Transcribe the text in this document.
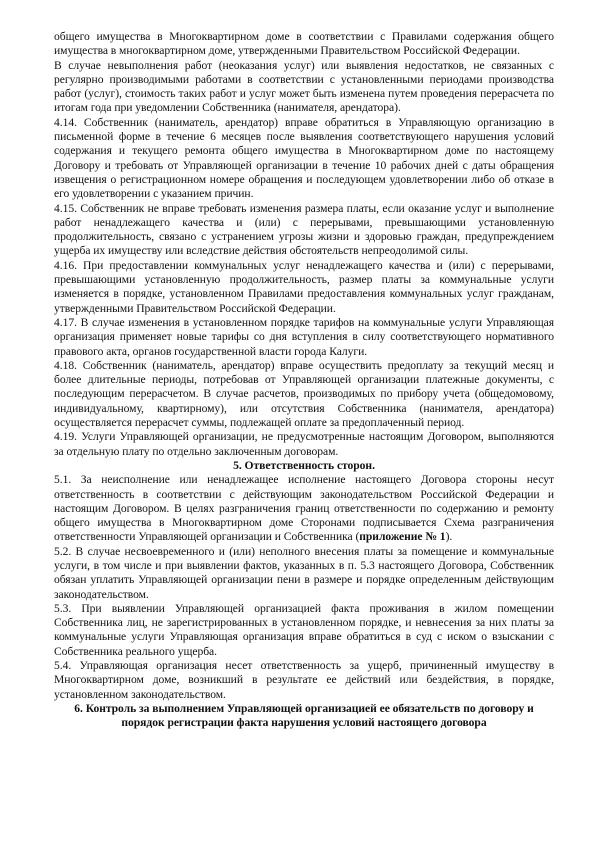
общего имущества в Многоквартирном доме в соответствии с Правилами содержания общего имущества в многоквартирном доме, утвержденными Правительством Российской Федерации.

В случае невыполнения работ (неоказания услуг) или выявления недостатков, не связанных с регулярно производимыми работами в соответствии с установленными периодами производства работ (услуг), стоимость таких работ и услуг может быть изменена путем проведения перерасчета по итогам года при уведомлении Собственника (нанимателя, арендатора).

4.14. Собственник (наниматель, арендатор) вправе обратиться в Управляющую организацию в письменной форме в течение 6 месяцев после выявления соответствующего нарушения условий содержания и текущего ремонта общего имущества в Многоквартирном доме по настоящему Договору и требовать от Управляющей организации в течение 10 рабочих дней с даты обращения извещения о регистрационном номере обращения и последующем удовлетворении либо об отказе в его удовлетворении с указанием причин.

4.15. Собственник не вправе требовать изменения размера платы, если оказание услуг и выполнение работ ненадлежащего качества и (или) с перерывами, превышающими установленную продолжительность, связано с устранением угрозы жизни и здоровью граждан, предупреждением ущерба их имуществу или вследствие действия обстоятельств непреодолимой силы.

4.16. При предоставлении коммунальных услуг ненадлежащего качества и (или) с перерывами, превышающими установленную продолжительность, размер платы за коммунальные услуги изменяется в порядке, установленном Правилами предоставления коммунальных услуг гражданам, утвержденными Правительством Российской Федерации.

4.17. В случае изменения в установленном порядке тарифов на коммунальные услуги Управляющая организация применяет новые тарифы со дня вступления в силу соответствующего нормативного правового акта, органов государственной власти города Калуги.

4.18. Собственник (наниматель, арендатор) вправе осуществить предоплату за текущий месяц и более длительные периоды, потребовав от Управляющей организации платежные документы, с последующим перерасчетом. В случае расчетов, производимых по прибору учета (общедомовому, индивидуальному, квартирному), или отсутствия Собственника (нанимателя, арендатора) осуществляется перерасчет суммы, подлежащей оплате за предоплаченный период.

4.19. Услуги Управляющей организации, не предусмотренные настоящим Договором, выполняются за отдельную плату по отдельно заключенным договорам.

5. Ответственность сторон.

5.1. За неисполнение или ненадлежащее исполнение настоящего Договора стороны несут ответственность в соответствии с действующим законодательством Российской Федерации и настоящим Договором. В целях разграничения границ ответственности по содержанию и ремонту общего имущества в Многоквартирном доме Сторонами подписывается Схема разграничения ответственности Управляющей организации и Собственника (приложение № 1).

5.2. В случае несвоевременного и (или) неполного внесения платы за помещение и коммунальные услуги, в том числе и при выявлении фактов, указанных в п. 5.3 настоящего Договора, Собственник обязан уплатить Управляющей организации пени в размере и порядке определенным действующим законодательством.

5.3. При выявлении Управляющей организацией факта проживания в жилом помещении Собственника лиц, не зарегистрированных в установленном порядке, и невнесения за них платы за коммунальные услуги Управляющая организация вправе обратиться в суд с иском о взыскании с Собственника реального ущерба.

5.4. Управляющая организация несет ответственность за ущерб, причиненный имуществу в Многоквартирном доме, возникший в результате ее действий или бездействия, в порядке, установленном законодательством.

6. Контроль за выполнением Управляющей организацией ее обязательств по договору и порядок регистрации факта нарушения условий настоящего договора
